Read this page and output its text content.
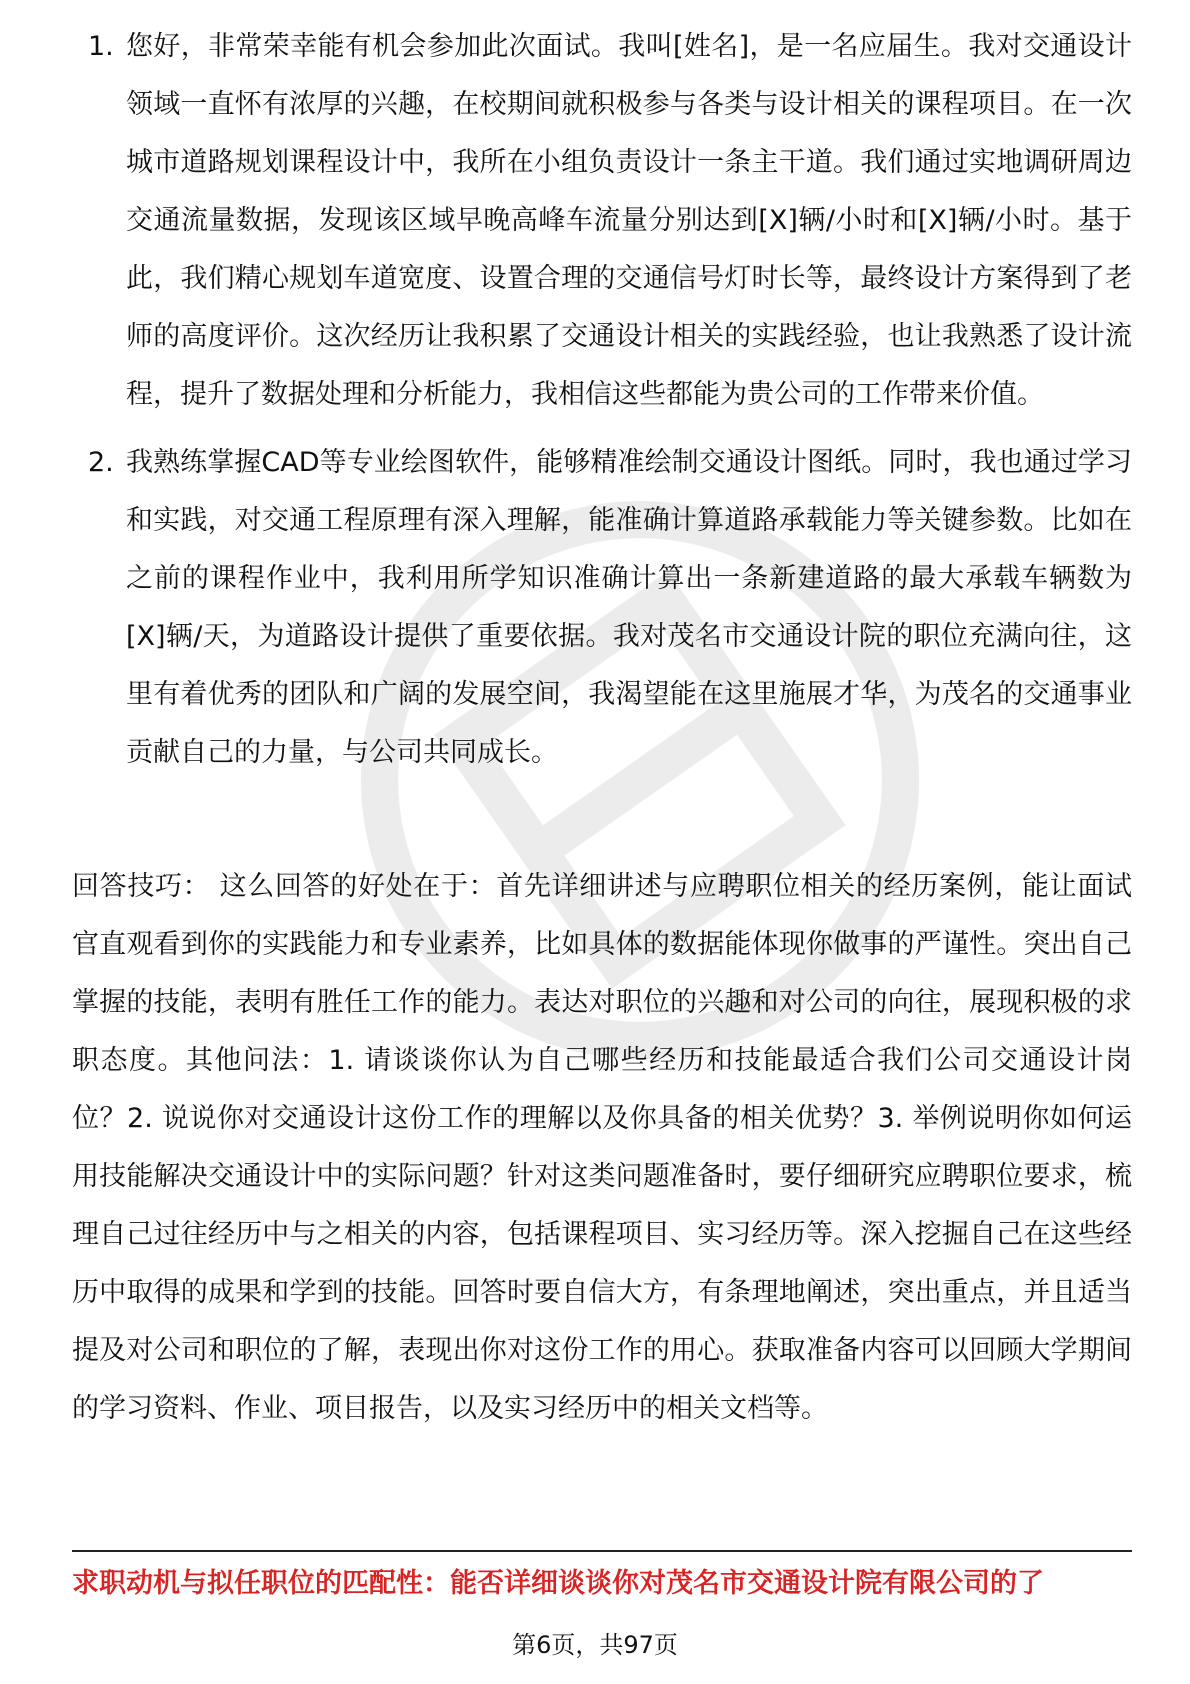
1. 您好，非常荣幸能有机会参加此次面试。我叫[姓名]，是一名应届生。我对交通设计领域一直怀有浓厚的兴趣，在校期间就积极参与各类与设计相关的课程项目。在一次城市道路规划课程设计中，我所在小组负责设计一条主干道。我们通过实地调研周边交通流量数据，发现该区域早晚高峰车流量分别达到[X]辆/小时和[X]辆/小时。基于此，我们精心规划车道宽度、设置合理的交通信号灯时长等，最终设计方案得到了老师的高度评价。这次经历让我积累了交通设计相关的实践经验，也让我熟悉了设计流程，提升了数据处理和分析能力，我相信这些都能为贵公司的工作带来价值。
2. 我熟练掌握CAD等专业绘图软件，能够精准绘制交通设计图纸。同时，我也通过学习和实践，对交通工程原理有深入理解，能准确计算道路承载能力等关键参数。比如在之前的课程作业中，我利用所学知识准确计算出一条新建道路的最大承载车辆数为[X]辆/天，为道路设计提供了重要依据。我对茂名市交通设计院的职位充满向往，这里有着优秀的团队和广阔的发展空间，我渴望能在这里施展才华，为茂名的交通事业贡献自己的力量，与公司共同成长。

回答技巧： 这么回答的好处在于：首先详细讲述与应聘职位相关的经历案例，能让面试官直观看到你的实践能力和专业素养，比如具体的数据能体现你做事的严谨性。突出自己掌握的技能，表明有胜任工作的能力。表达对职位的兴趣和对公司的向往，展现积极的求职态度。其他问法：1. 请谈谈你认为自己哪些经历和技能最适合我们公司交通设计岗位？2. 说说你对交通设计这份工作的理解以及你具备的相关优势？3. 举例说明你如何运用技能解决交通设计中的实际问题？针对这类问题准备时，要仔细研究应聘职位要求，梳理自己过往经历中与之相关的内容，包括课程项目、实习经历等。深入挖掘自己在这些经历中取得的成果和学到的技能。回答时要自信大方，有条理地阐述，突出重点，并且适当提及对公司和职位的了解，表现出你对这份工作的用心。获取准备内容可以回顾大学期间的学习资料、作业、项目报告，以及实习经历中的相关文档等。

求职动机与拟任职位的匹配性：能否详细谈谈你对茂名市交通设计院有限公司的了
第6页，共97页
